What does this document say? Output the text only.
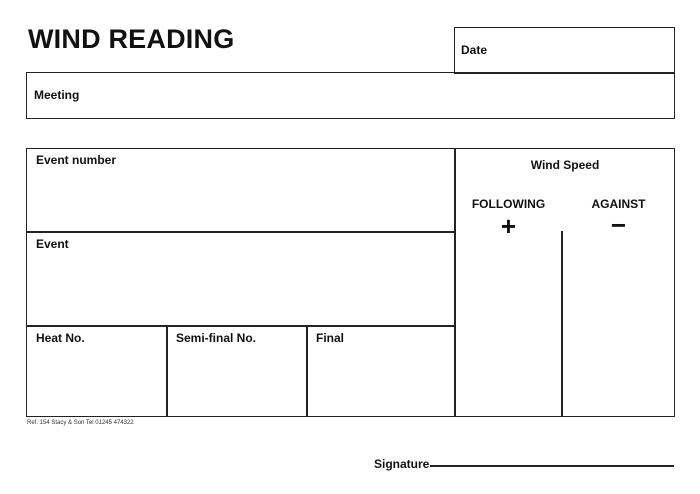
WIND READING	Date
Meeting
Event number
Event
Heat No.	Semi-final No.	Final
Wind Speed
FOLLOWING
+
AGAINST
−
Ref. 154 Stacy & Son Tel 01245 474322
Signature
